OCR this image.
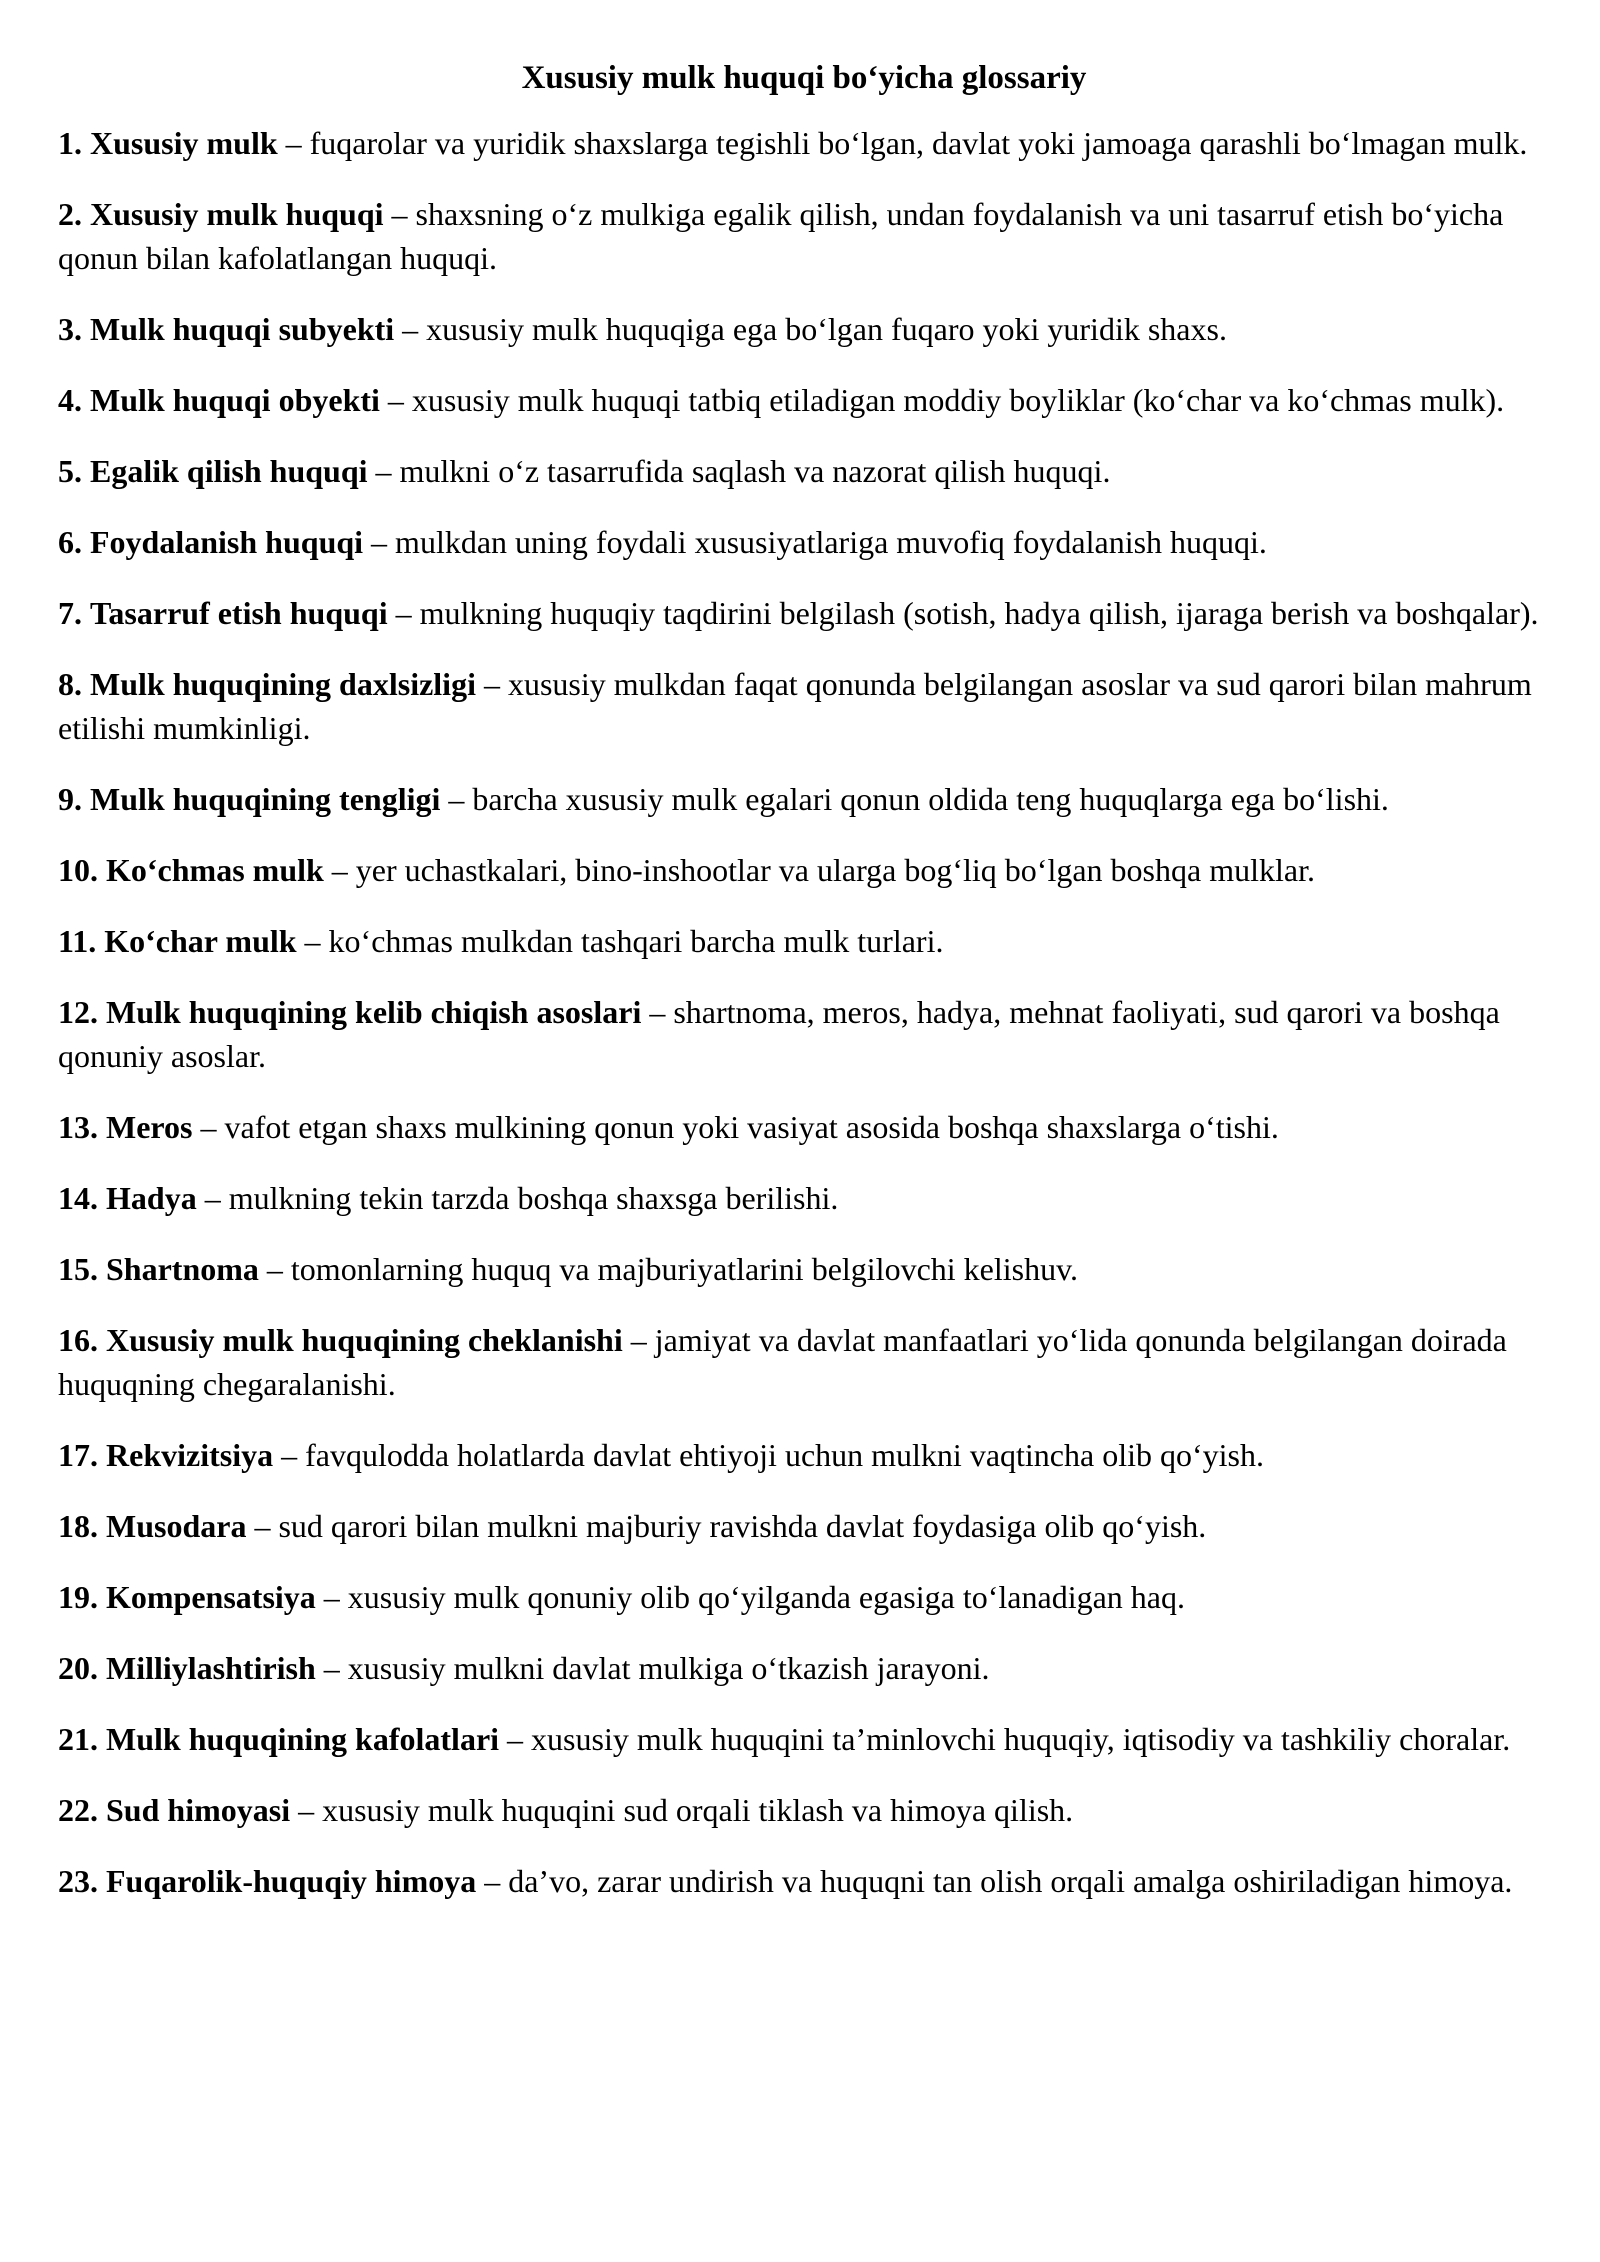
Xususiy mulk huquqi bo‘yicha glossariy

1. Xususiy mulk – fuqarolar va yuridik shaxslarga tegishli bo‘lgan, davlat yoki jamoaga qarashli bo‘lmagan mulk.

2. Xususiy mulk huquqi – shaxsning o‘z mulkiga egalik qilish, undan foydalanish va uni tasarruf etish bo‘yicha qonun bilan kafolatlangan huquqi.

3. Mulk huquqi subyekti – xususiy mulk huquqiga ega bo‘lgan fuqaro yoki yuridik shaxs.

4. Mulk huquqi obyekti – xususiy mulk huquqi tatbiq etiladigan moddiy boyliklar (ko‘char va ko‘chmas mulk).

5. Egalik qilish huquqi – mulkni o‘z tasarrufida saqlash va nazorat qilish huquqi.

6. Foydalanish huquqi – mulkdan uning foydali xususiyatlariga muvofiq foydalanish huquqi.

7. Tasarruf etish huquqi – mulkning huquqiy taqdirini belgilash (sotish, hadya qilish, ijaraga berish va boshqalar).

8. Mulk huquqining daxlsizligi – xususiy mulkdan faqat qonunda belgilangan asoslar va sud qarori bilan mahrum etilishi mumkinligi.

9. Mulk huquqining tengligi – barcha xususiy mulk egalari qonun oldida teng huquqlarga ega bo‘lishi.

10. Ko‘chmas mulk – yer uchastkalari, bino-inshootlar va ularga bog‘liq bo‘lgan boshqa mulklar.

11. Ko‘char mulk – ko‘chmas mulkdan tashqari barcha mulk turlari.

12. Mulk huquqining kelib chiqish asoslari – shartnoma, meros, hadya, mehnat faoliyati, sud qarori va boshqa qonuniy asoslar.

13. Meros – vafot etgan shaxs mulkining qonun yoki vasiyat asosida boshqa shaxslarga o‘tishi.

14. Hadya – mulkning tekin tarzda boshqa shaxsga berilishi.

15. Shartnoma – tomonlarning huquq va majburiyatlarini belgilovchi kelishuv.

16. Xususiy mulk huquqining cheklanishi – jamiyat va davlat manfaatlari yo‘lida qonunda belgilangan doirada huquqning chegaralanishi.

17. Rekvizitsiya – favqulodda holatlarda davlat ehtiyoji uchun mulkni vaqtincha olib qo‘yish.

18. Musodara – sud qarori bilan mulkni majburiy ravishda davlat foydasiga olib qo‘yish.

19. Kompensatsiya – xususiy mulk qonuniy olib qo‘yilganda egasiga to‘lanadigan haq.

20. Milliylashtirish – xususiy mulkni davlat mulkiga o‘tkazish jarayoni.

21. Mulk huquqining kafolatlari – xususiy mulk huquqini ta’minlovchi huquqiy, iqtisodiy va tashkiliy choralar.

22. Sud himoyasi – xususiy mulk huquqini sud orqali tiklash va himoya qilish.

23. Fuqarolik-huquqiy himoya – da’vo, zarar undirish va huquqni tan olish orqali amalga oshiriladigan himoya.
